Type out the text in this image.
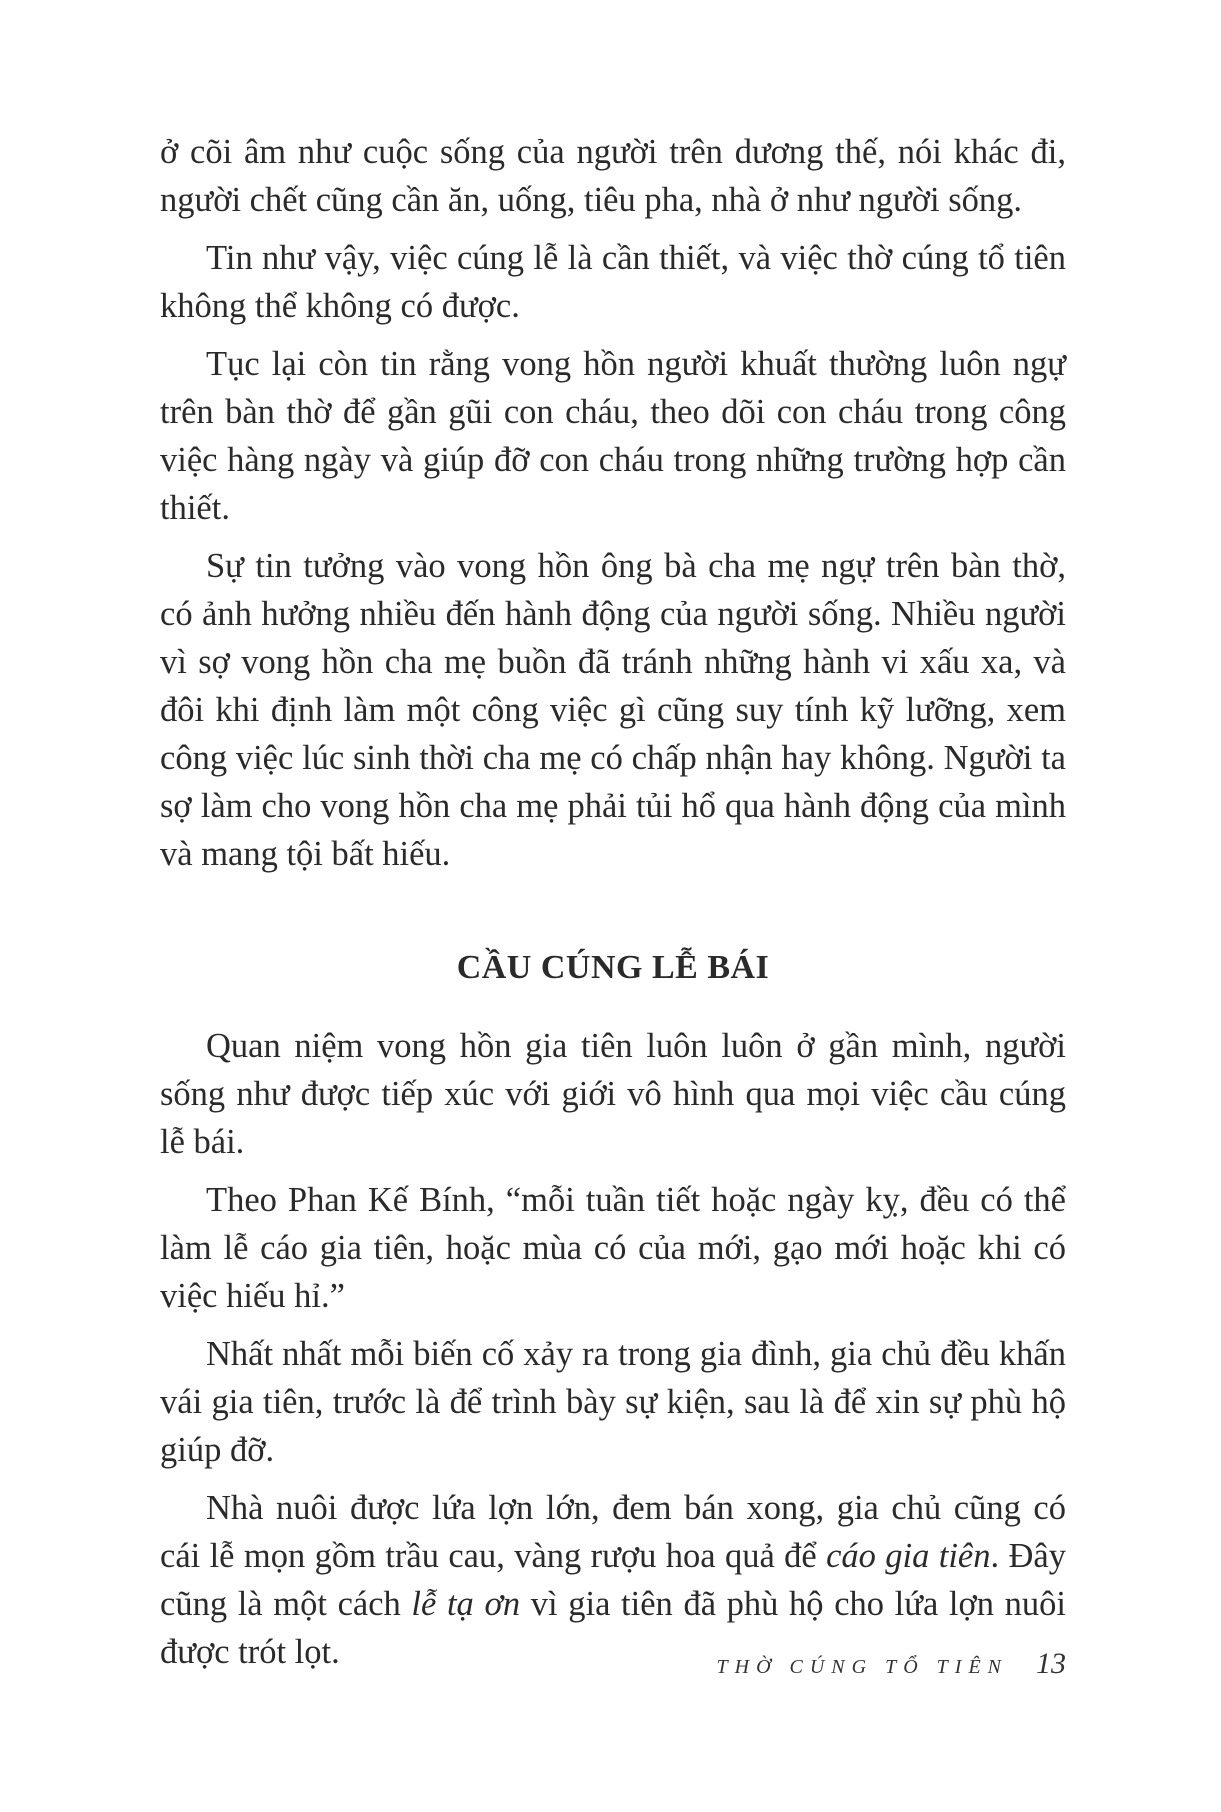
ở cõi âm như cuộc sống của người trên dương thế, nói khác đi, người chết cũng cần ăn, uống, tiêu pha, nhà ở như người sống.

Tin như vậy, việc cúng lễ là cần thiết, và việc thờ cúng tổ tiên không thể không có được.

Tục lại còn tin rằng vong hồn người khuất thường luôn ngự trên bàn thờ để gần gũi con cháu, theo dõi con cháu trong công việc hàng ngày và giúp đỡ con cháu trong những trường hợp cần thiết.

Sự tin tưởng vào vong hồn ông bà cha mẹ ngự trên bàn thờ, có ảnh hưởng nhiều đến hành động của người sống. Nhiều người vì sợ vong hồn cha mẹ buồn đã tránh những hành vi xấu xa, và đôi khi định làm một công việc gì cũng suy tính kỹ lưỡng, xem công việc lúc sinh thời cha mẹ có chấp nhận hay không. Người ta sợ làm cho vong hồn cha mẹ phải tủi hổ qua hành động của mình và mang tội bất hiếu.

CẦU CÚNG LỄ BÁI

Quan niệm vong hồn gia tiên luôn luôn ở gần mình, người sống như được tiếp xúc với giới vô hình qua mọi việc cầu cúng lễ bái.

Theo Phan Kế Bính, “mỗi tuần tiết hoặc ngày kỵ, đều có thể làm lễ cáo gia tiên, hoặc mùa có của mới, gạo mới hoặc khi có việc hiếu hỉ.”

Nhất nhất mỗi biến cố xảy ra trong gia đình, gia chủ đều khấn vái gia tiên, trước là để trình bày sự kiện, sau là để xin sự phù hộ giúp đỡ.

Nhà nuôi được lứa lợn lớn, đem bán xong, gia chủ cũng có cái lễ mọn gồm trầu cau, vàng rượu hoa quả để cáo gia tiên. Đây cũng là một cách lễ tạ ơn vì gia tiên đã phù hộ cho lứa lợn nuôi được trót lọt.	THỜ CÚNG TỔ TIÊN 13
